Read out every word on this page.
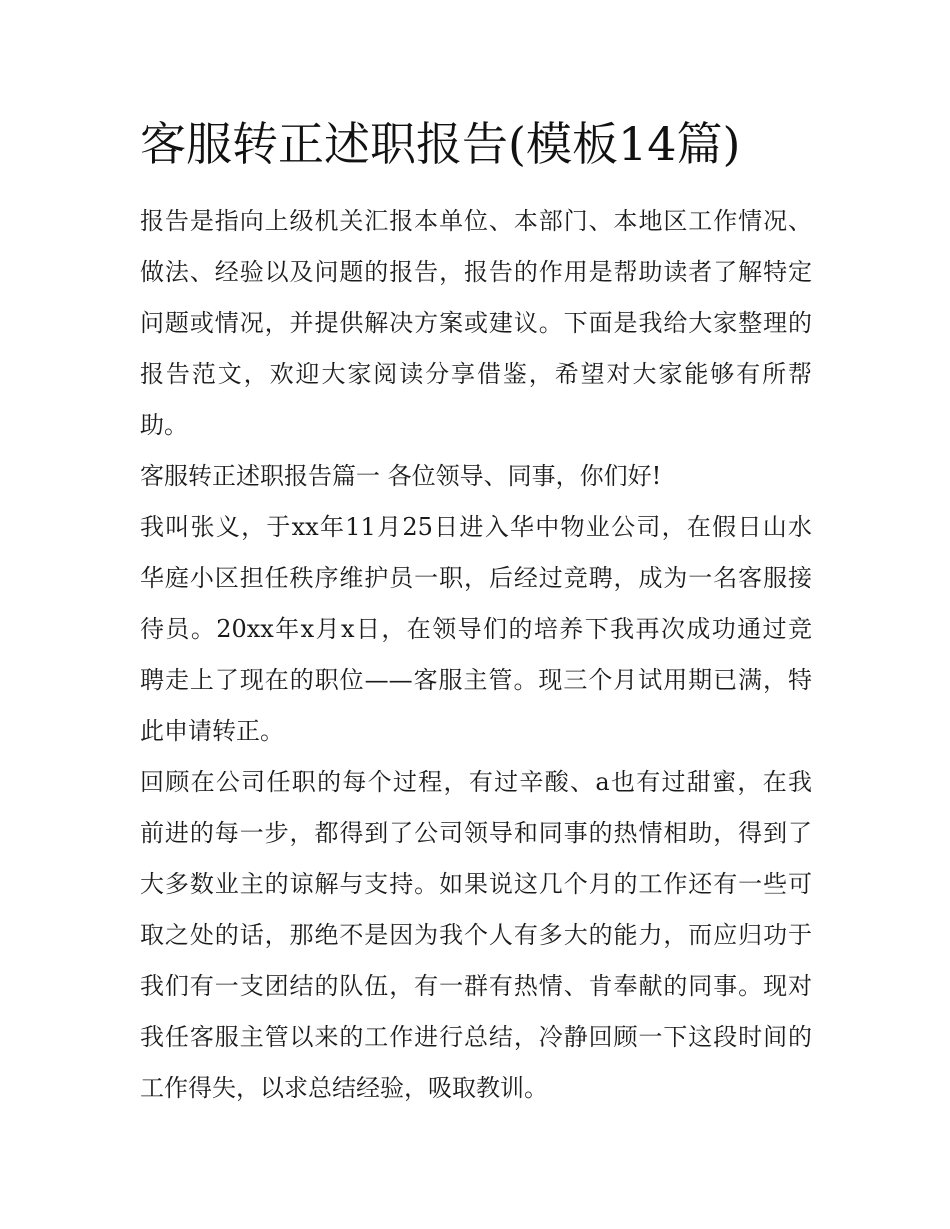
客服转正述职报告(模板14篇)
报告是指向上级机关汇报本单位、本部门、本地区工作情况、
做法、经验以及问题的报告，报告的作用是帮助读者了解特定
问题或情况，并提供解决方案或建议。下面是我给大家整理的
报告范文，欢迎大家阅读分享借鉴，希望对大家能够有所帮
助。
客服转正述职报告篇一 各位领导、同事，你们好!
我叫张义，于xx年11月25日进入华中物业公司，在假日山水
华庭小区担任秩序维护员一职，后经过竞聘，成为一名客服接
待员。20xx年x月x日，在领导们的培养下我再次成功通过竞
聘走上了现在的职位——客服主管。现三个月试用期已满，特
此申请转正。
回顾在公司任职的每个过程，有过辛酸、a也有过甜蜜，在我
前进的每一步，都得到了公司领导和同事的热情相助，得到了
大多数业主的谅解与支持。如果说这几个月的工作还有一些可
取之处的话，那绝不是因为我个人有多大的能力，而应归功于
我们有一支团结的队伍，有一群有热情、肯奉献的同事。现对
我任客服主管以来的工作进行总结，冷静回顾一下这段时间的
工作得失，以求总结经验，吸取教训。
